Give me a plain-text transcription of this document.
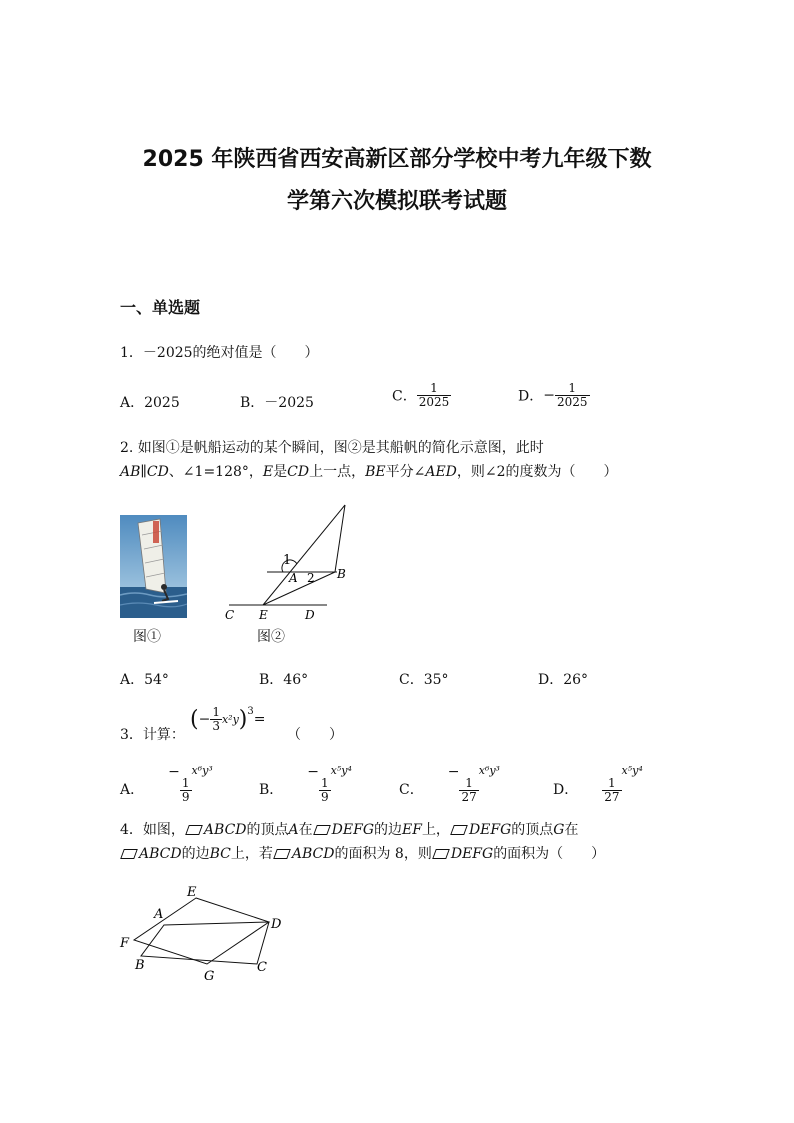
2025 年陕西省西安高新区部分学校中考九年级下数
学第六次模拟联考试题
一、单选题
1．－2025的绝对值是（　　）
A．2025	B．－2025	C． $\frac{1}{2025}$	D．− $\frac{1}{2025}$
2. 如图①是帆船运动的某个瞬间，图②是其船帆的简化示意图，此时
AB∥CD、∠1=128°，E是CD上一点，BE平分∠AED，则∠2的度数为（　　）
图①
1
A 2 B
C E	D
图②
A．54°	B．46°	C．35°	D．26°
3．计算：
(− $\frac{1}{3} x^2y)^3=$
（　　）
A．−
$\frac{1}{9}$
$^{x^6y^3}$
B．−
$\frac{1}{9}$
$^{x^5y^4}$
C．−
$\frac{1}{27}$
$^{x^6y^3}$
D． $\frac{1}{27}$
$^{x^5y^4}$
4．如图， ABCD的顶点A在 DEFG的边EF上， DEFG的顶点G在
ABCD的边BC上，若 ABCD的面积为 8，则 DEFG的面积为（　　）
E
A
D
F
B
G
C
